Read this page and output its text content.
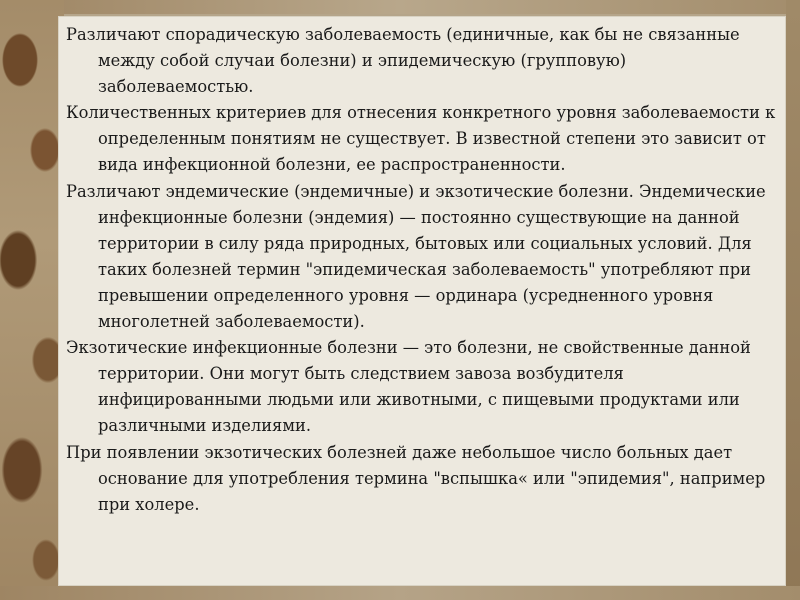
Различают спорадическую заболеваемость (единичные, как бы не связанные между собой случаи болезни) и эпидемическую (групповую) заболеваемостью.
Количественных критериев для отнесения конкретного уровня заболеваемости к определенным понятиям не существует. В известной степени это зависит от вида инфекционной болезни, ее распространенности.
Различают эндемические (эндемичные) и экзотические болезни. Эндемические инфекционные болезни (эндемия) — постоянно существующие на данной территории в силу ряда природных, бытовых или социальных условий. Для таких болезней термин "эпидемическая заболеваемость" употребляют при превышении определенного уровня — ординара (усредненного уровня многолетней заболеваемости).
Экзотические инфекционные болезни — это болезни, не свойственные данной территории. Они могут быть следствием завоза возбудителя инфицированными людьми или животными, с пищевыми продуктами или различными изделиями.
При появлении экзотических болезней даже небольшое число больных дает основание для употребления термина "вспышка« или "эпидемия", например при холере.
